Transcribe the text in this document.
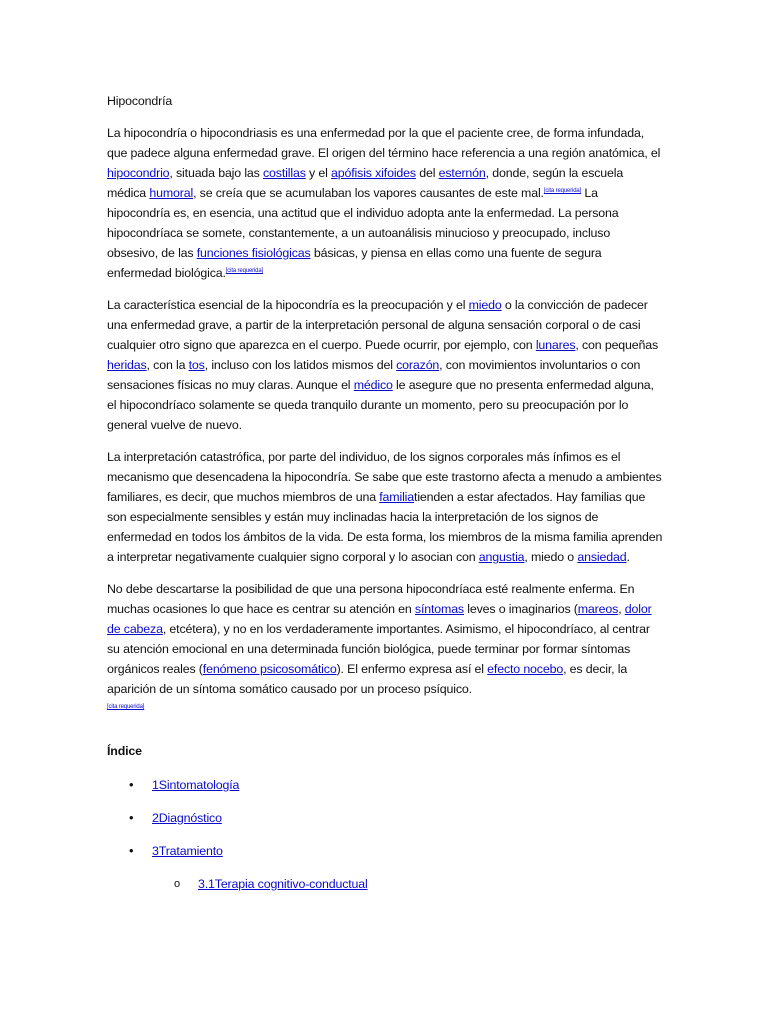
Hipocondría

La hipocondría o hipocondriasis es una enfermedad por la que el paciente cree, de forma infundada, que padece alguna enfermedad grave. El origen del término hace referencia a una región anatómica, el hipocondrio, situada bajo las costillas y el apófisis xifoides del esternón, donde, según la escuela médica humoral, se creía que se acumulaban los vapores causantes de este mal.[cita requerida] La hipocondría es, en esencia, una actitud que el individuo adopta ante la enfermedad. La persona hipocondríaca se somete, constantemente, a un autoanálisis minucioso y preocupado, incluso obsesivo, de las funciones fisiológicas básicas, y piensa en ellas como una fuente de segura enfermedad biológica.[cita requerida]

La característica esencial de la hipocondría es la preocupación y el miedo o la convicción de padecer una enfermedad grave, a partir de la interpretación personal de alguna sensación corporal o de casi cualquier otro signo que aparezca en el cuerpo. Puede ocurrir, por ejemplo, con lunares, con pequeñas heridas, con la tos, incluso con los latidos mismos del corazón, con movimientos involuntarios o con sensaciones físicas no muy claras. Aunque el médico le asegure que no presenta enfermedad alguna, el hipocondríaco solamente se queda tranquilo durante un momento, pero su preocupación por lo general vuelve de nuevo.

La interpretación catastrófica, por parte del individuo, de los signos corporales más ínfimos es el mecanismo que desencadena la hipocondría. Se sabe que este trastorno afecta a menudo a ambientes familiares, es decir, que muchos miembros de una familiatienden a estar afectados. Hay familias que son especialmente sensibles y están muy inclinadas hacia la interpretación de los signos de enfermedad en todos los ámbitos de la vida. De esta forma, los miembros de la misma familia aprenden a interpretar negativamente cualquier signo corporal y lo asocian con angustia, miedo o ansiedad.

No debe descartarse la posibilidad de que una persona hipocondríaca esté realmente enferma. En muchas ocasiones lo que hace es centrar su atención en síntomas leves o imaginarios (mareos, dolor de cabeza, etcétera), y no en los verdaderamente importantes. Asimismo, el hipocondríaco, al centrar su atención emocional en una determinada función biológica, puede terminar por formar síntomas orgánicos reales (fenómeno psicosomático). El enfermo expresa así el efecto nocebo, es decir, la aparición de un síntoma somático causado por un proceso psíquico.
[cita requerida]

Índice
• 1Sintomatología
• 2Diagnóstico
• 3Tratamiento
o 3.1Terapia cognitivo-conductual
